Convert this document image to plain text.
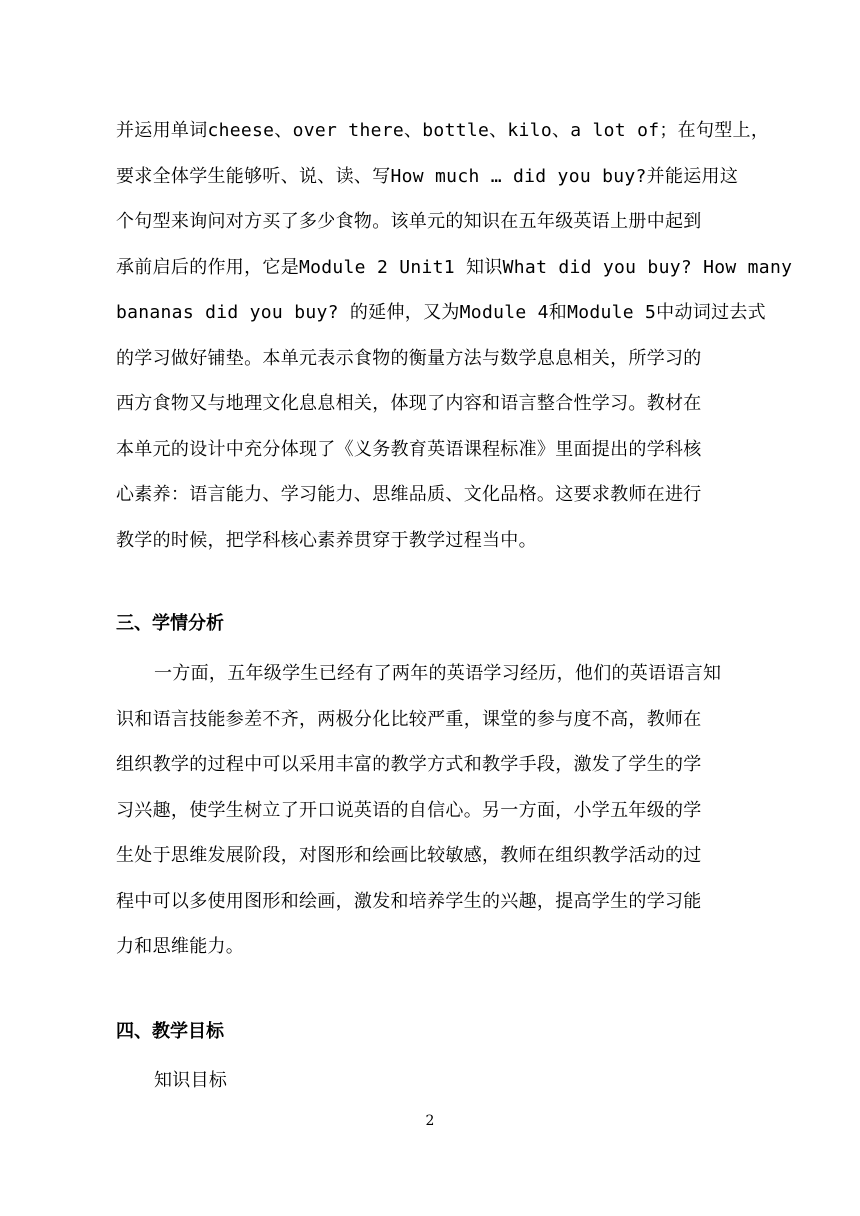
并运用单词cheese、over there、bottle、kilo、a lot of；在句型上，
要求全体学生能够听、说、读、写How much … did you buy?并能运用这
个句型来询问对方买了多少食物。该单元的知识在五年级英语上册中起到
承前启后的作用，它是Module 2 Unit1 知识What did you buy? How many
bananas did you buy? 的延伸，又为Module 4和Module 5中动词过去式
的学习做好铺垫。本单元表示食物的衡量方法与数学息息相关，所学习的
西方食物又与地理文化息息相关，体现了内容和语言整合性学习。教材在
本单元的设计中充分体现了《义务教育英语课程标准》里面提出的学科核
心素养：语言能力、学习能力、思维品质、文化品格。这要求教师在进行
教学的时候，把学科核心素养贯穿于教学过程当中。
三、学情分析
一方面，五年级学生已经有了两年的英语学习经历，他们的英语语言知
识和语言技能参差不齐，两极分化比较严重，课堂的参与度不高，教师在
组织教学的过程中可以采用丰富的教学方式和教学手段，激发了学生的学
习兴趣，使学生树立了开口说英语的自信心。另一方面，小学五年级的学
生处于思维发展阶段，对图形和绘画比较敏感，教师在组织教学活动的过
程中可以多使用图形和绘画，激发和培养学生的兴趣，提高学生的学习能
力和思维能力。
四、教学目标
知识目标
2
